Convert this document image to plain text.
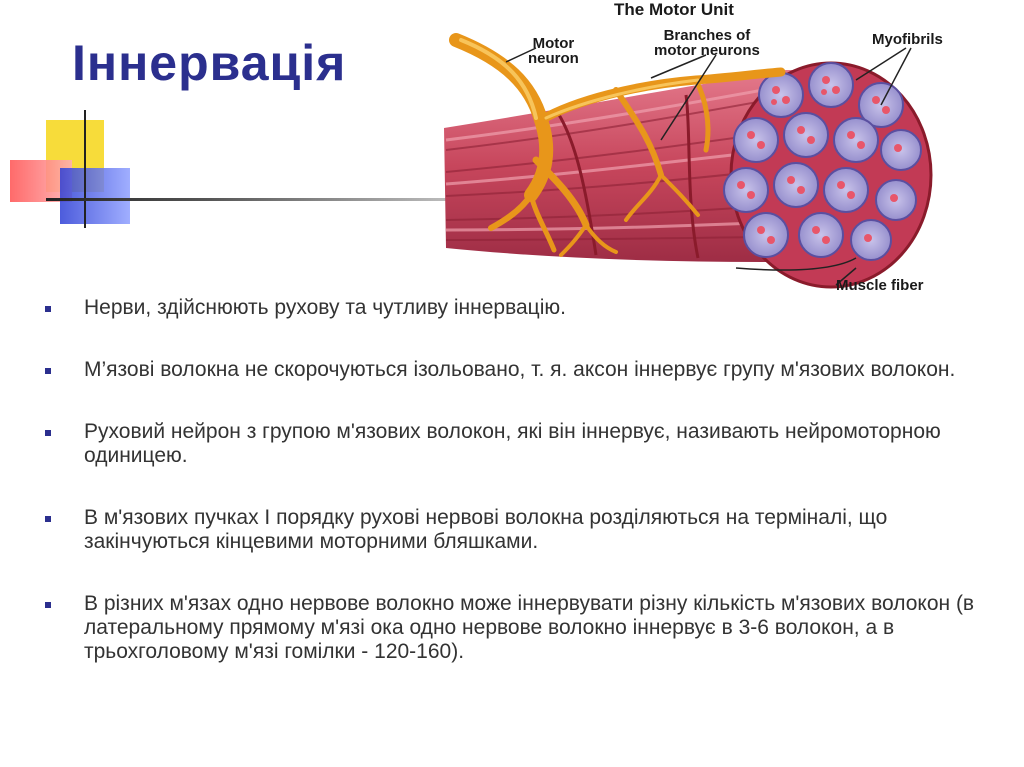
Іннервація
The Motor Unit
Motor
neuron
Branches of
motor neurons
Myofibrils
Muscle fiber
Нерви, здійснюють рухову та чутливу іннервацію.
М’язові волокна не скорочуються ізольовано, т. я. аксон іннервує групу м'язових волокон.
Руховий нейрон з групою м'язових волокон, які він іннервує, називають нейромоторною одиницею.
В м'язових пучках І порядку рухові нервові волокна розділяються на терміналі, що закінчуються кінцевими моторними бляшками.
В різних м'язах одно нервове волокно може іннервувати різну кількість м'язових волокон (в латеральному прямому м'язі ока одно нервове волокно іннервує в 3-6 волокон, а в трьохголовому м'язі гомілки - 120-160).
